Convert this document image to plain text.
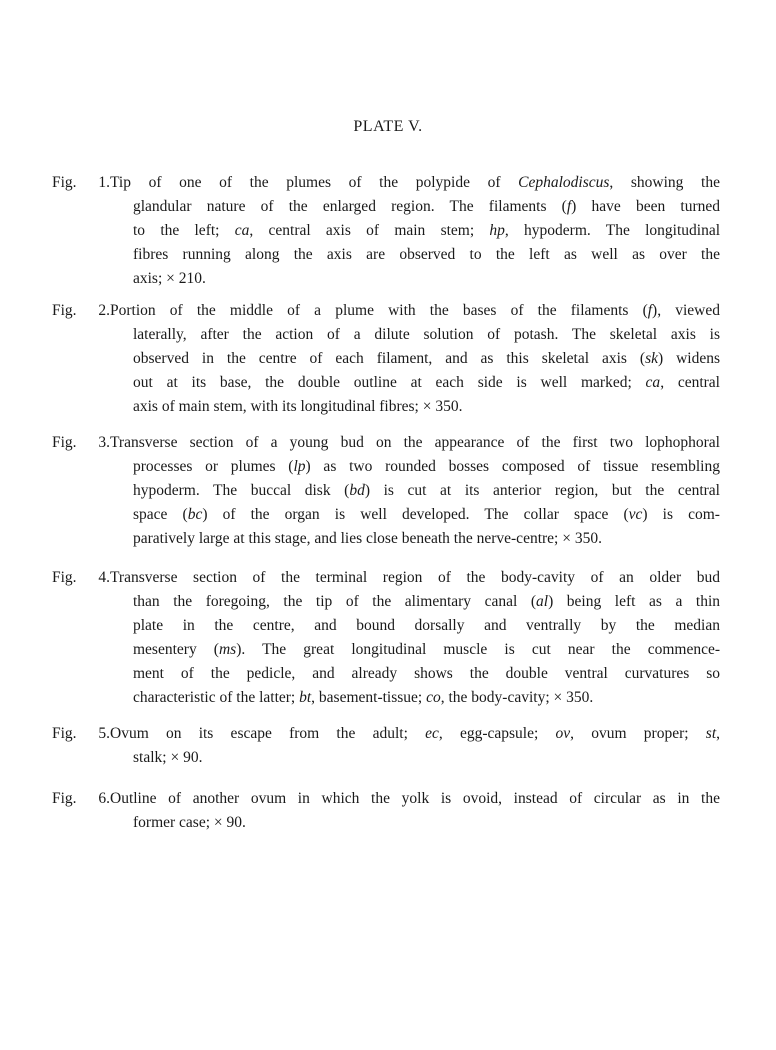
PLATE V.
Fig. 1.Tip of one of the plumes of the polypide of Cephalodiscus, showing the
glandular nature of the enlarged region. The filaments (f) have been turned
to the left; ca, central axis of main stem; hp, hypoderm. The longitudinal
fibres running along the axis are observed to the left as well as over the
axis; × 210.
Fig. 2.Portion of the middle of a plume with the bases of the filaments (f), viewed
laterally, after the action of a dilute solution of potash. The skeletal axis is
observed in the centre of each filament, and as this skeletal axis (sk) widens
out at its base, the double outline at each side is well marked; ca, central
axis of main stem, with its longitudinal fibres; × 350.
Fig. 3.Transverse section of a young bud on the appearance of the first two lophophoral
processes or plumes (lp) as two rounded bosses composed of tissue resembling
hypoderm. The buccal disk (bd) is cut at its anterior region, but the central
space (bc) of the organ is well developed. The collar space (vc) is com-
paratively large at this stage, and lies close beneath the nerve-centre; × 350.
Fig. 4.Transverse section of the terminal region of the body-cavity of an older bud
than the foregoing, the tip of the alimentary canal (al) being left as a thin
plate in the centre, and bound dorsally and ventrally by the median
mesentery (ms). The great longitudinal muscle is cut near the commence-
ment of the pedicle, and already shows the double ventral curvatures so
characteristic of the latter; bt, basement-tissue; co, the body-cavity; × 350.
Fig. 5.Ovum on its escape from the adult; ec, egg-capsule; ov, ovum proper; st,
stalk; × 90.
Fig. 6.Outline of another ovum in which the yolk is ovoid, instead of circular as in the
former case; × 90.
